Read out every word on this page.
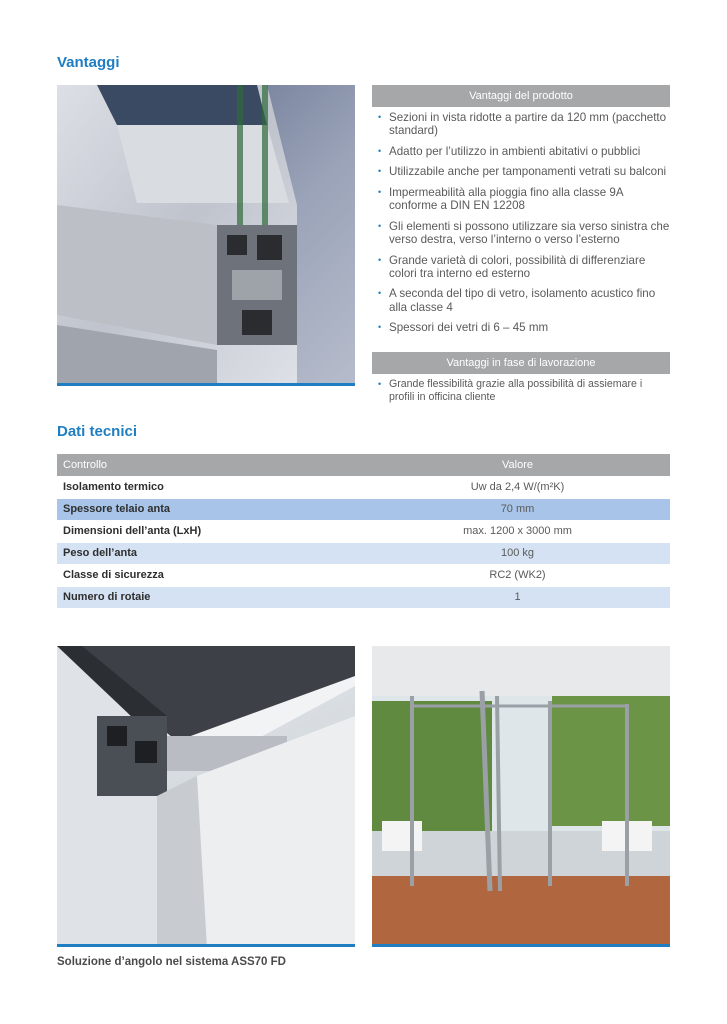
Vantaggi
Vantaggi del prodotto
• Sezioni in vista ridotte a partire da 120 mm (pacchetto standard)
• Adatto per l’utilizzo in ambienti abitativi o pubblici
• Utilizzabile anche per tamponamenti vetrati su balconi
• Impermeabilità alla pioggia fino alla classe 9A conforme a DIN EN 12208
• Gli elementi si possono utilizzare sia verso sinistra che verso destra, verso l’interno o verso l’esterno
• Grande varietà di colori, possibilità di differenziare colori tra interno ed esterno
• A seconda del tipo di vetro, isolamento acustico fino alla classe 4
• Spessori dei vetri di 6 – 45 mm
Vantaggi in fase di lavorazione
• Grande flessibilità grazie alla possibilità di assiemare i profili in officina cliente
Dati tecnici
Controllo	Valore
Isolamento termico	Uw da 2,4 W/(m²K)
Spessore telaio anta	70 mm
Dimensioni dell’anta (LxH)	max. 1200 x 3000 mm
Peso dell’anta	100 kg
Classe di sicurezza	RC2 (WK2)
Numero di rotaie	1
Soluzione d’angolo nel sistema ASS70 FD
